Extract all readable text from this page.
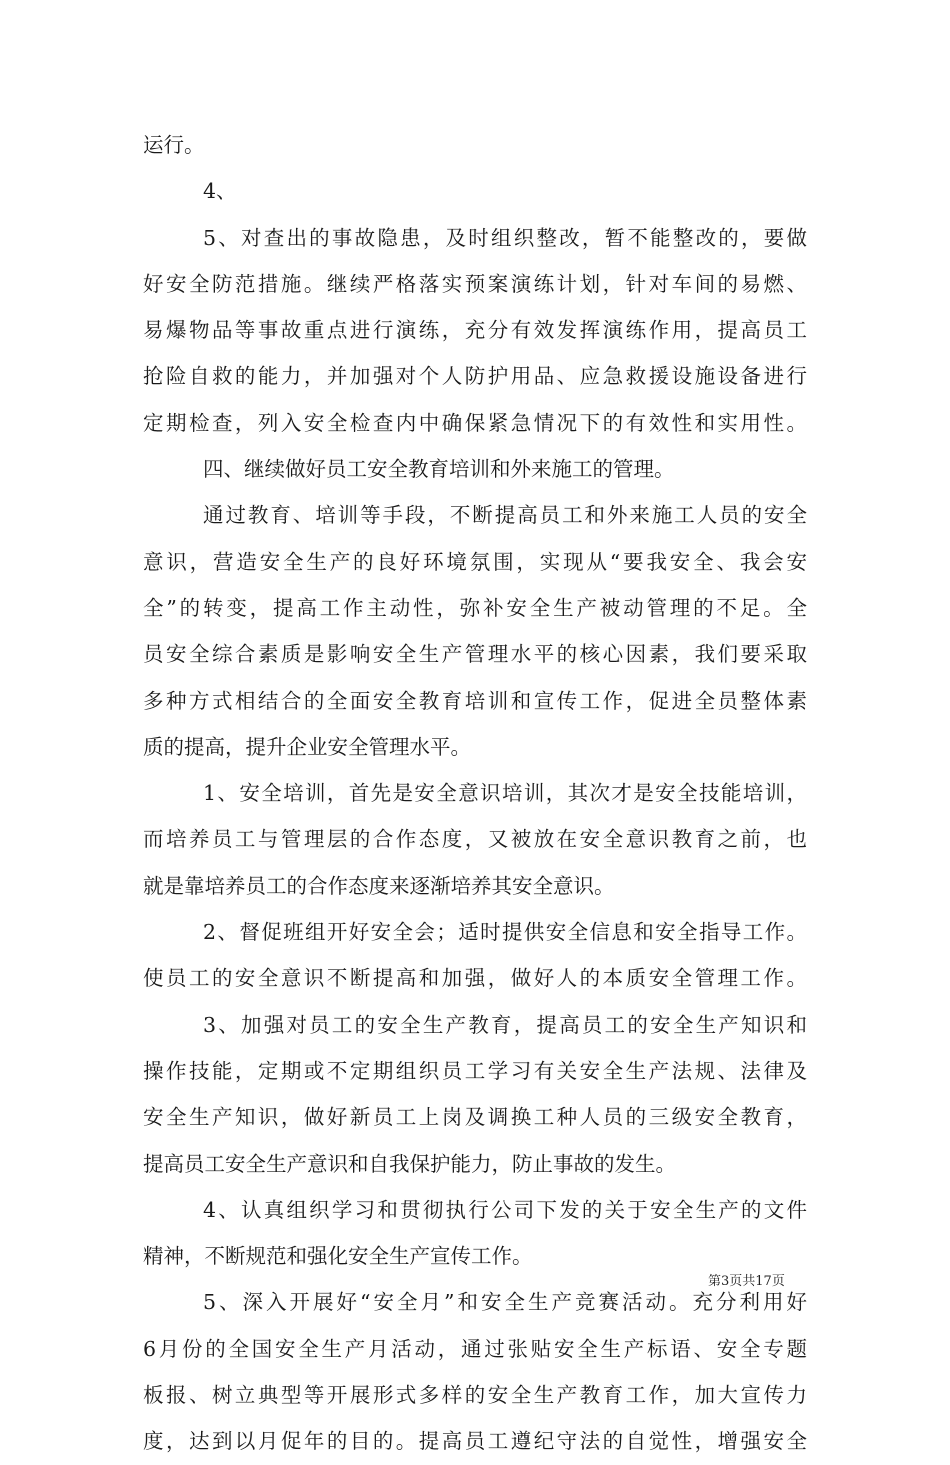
运行。
4、
5、对查出的事故隐患，及时组织整改，暂不能整改的，要做
好安全防范措施。继续严格落实预案演练计划，针对车间的易燃、
易爆物品等事故重点进行演练，充分有效发挥演练作用，提高员工
抢险自救的能力，并加强对个人防护用品、应急救援设施设备进行
定期检查，列入安全检查内中确保紧急情况下的有效性和实用性。
四、继续做好员工安全教育培训和外来施工的管理。
通过教育、培训等手段，不断提高员工和外来施工人员的安全
意识，营造安全生产的良好环境氛围，实现从“要我安全、我会安
全”的转变，提高工作主动性，弥补安全生产被动管理的不足。全
员安全综合素质是影响安全生产管理水平的核心因素，我们要采取
多种方式相结合的全面安全教育培训和宣传工作，促进全员整体素
质的提高，提升企业安全管理水平。
1、安全培训，首先是安全意识培训，其次才是安全技能培训，
而培养员工与管理层的合作态度，又被放在安全意识教育之前，也
就是靠培养员工的合作态度来逐渐培养其安全意识。
2、督促班组开好安全会；适时提供安全信息和安全指导工作。
使员工的安全意识不断提高和加强，做好人的本质安全管理工作。
3、加强对员工的安全生产教育，提高员工的安全生产知识和
操作技能，定期或不定期组织员工学习有关安全生产法规、法律及
安全生产知识，做好新员工上岗及调换工种人员的三级安全教育，
提高员工安全生产意识和自我保护能力，防止事故的发生。
4、认真组织学习和贯彻执行公司下发的关于安全生产的文件
精神，不断规范和强化安全生产宣传工作。
5、深入开展好“安全月”和安全生产竞赛活动。充分利用好
6月份的全国安全生产月活动，通过张贴安全生产标语、安全专题
板报、树立典型等开展形式多样的安全生产教育工作，加大宣传力
度，达到以月促年的目的。提高员工遵纪守法的自觉性，增强安全
第3页共17页
